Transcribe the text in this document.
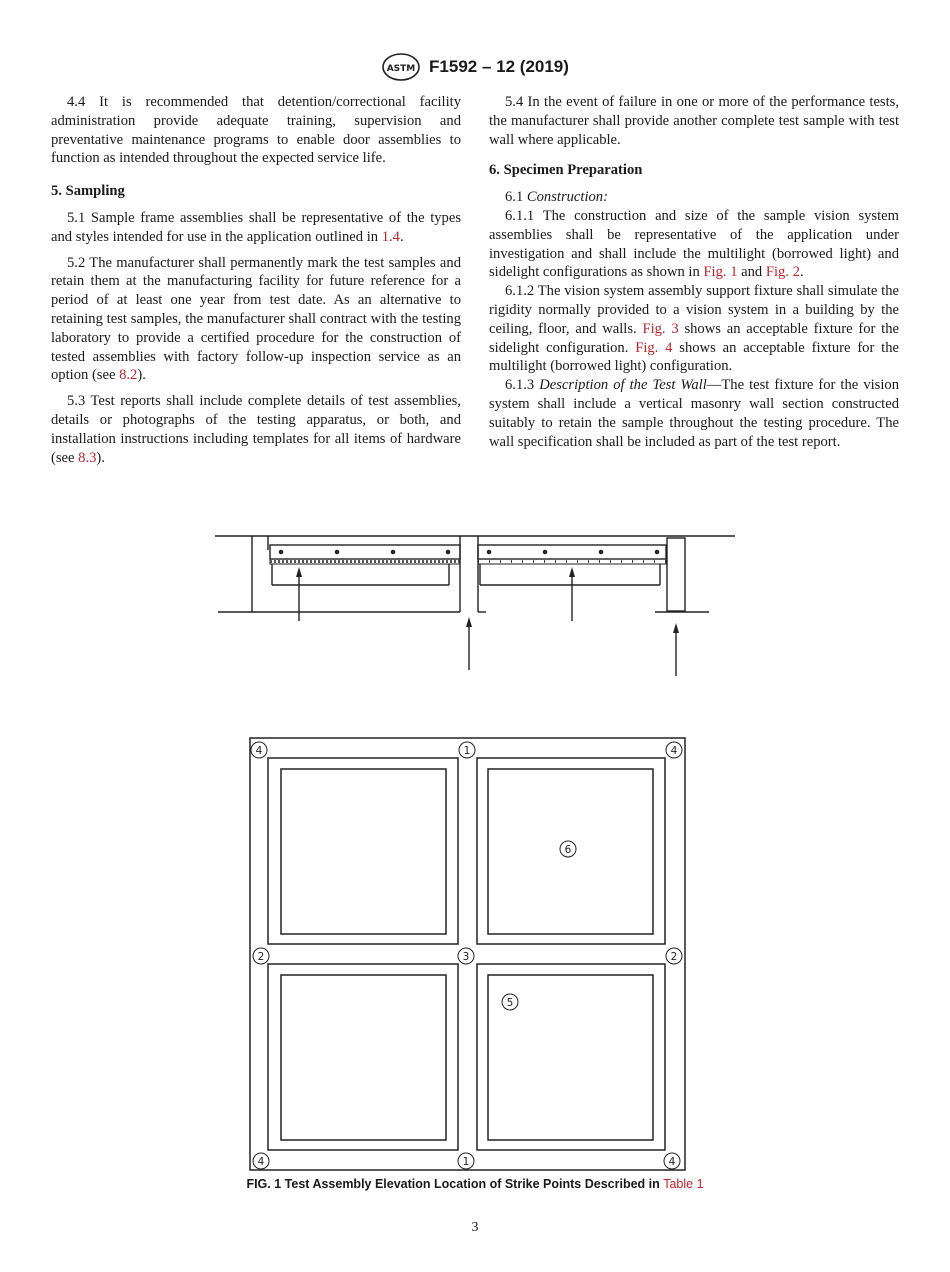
ASTM F1592 – 12 (2019)

4.4 It is recommended that detention/correctional facility administration provide adequate training, supervision and preventative maintenance programs to enable door assemblies to function as intended throughout the expected service life.

5. Sampling

5.1 Sample frame assemblies shall be representative of the types and styles intended for use in the application outlined in 1.4.

5.2 The manufacturer shall permanently mark the test samples and retain them at the manufacturing facility for future reference for a period of at least one year from test date. As an alternative to retaining test samples, the manufacturer shall contract with the testing laboratory to provide a certified procedure for the construction of tested assemblies with factory follow-up inspection service as an option (see 8.2).

5.3 Test reports shall include complete details of test assemblies, details or photographs of the testing apparatus, or both, and installation instructions including templates for all items of hardware (see 8.3).

5.4 In the event of failure in one or more of the performance tests, the manufacturer shall provide another complete test sample with test wall where applicable.

6. Specimen Preparation

6.1 Construction:

6.1.1 The construction and size of the sample vision system assemblies shall be representative of the application under investigation and shall include the multilight (borrowed light) and sidelight configurations as shown in Fig. 1 and Fig. 2.

6.1.2 The vision system assembly support fixture shall simulate the rigidity normally provided to a vision system in a building by the ceiling, floor, and walls. Fig. 3 shows an acceptable fixture for the sidelight configuration. Fig. 4 shows an acceptable fixture for the multilight (borrowed light) configuration.

6.1.3 Description of the Test Wall—The test fixture for the vision system shall include a vertical masonry wall section constructed suitably to retain the sample throughout the testing procedure. The wall specification shall be included as part of the test report.

4	1	4
2	3	2
4	1	4
6
5
FIG. 1 Test Assembly Elevation Location of Strike Points Described in Table 1
3
